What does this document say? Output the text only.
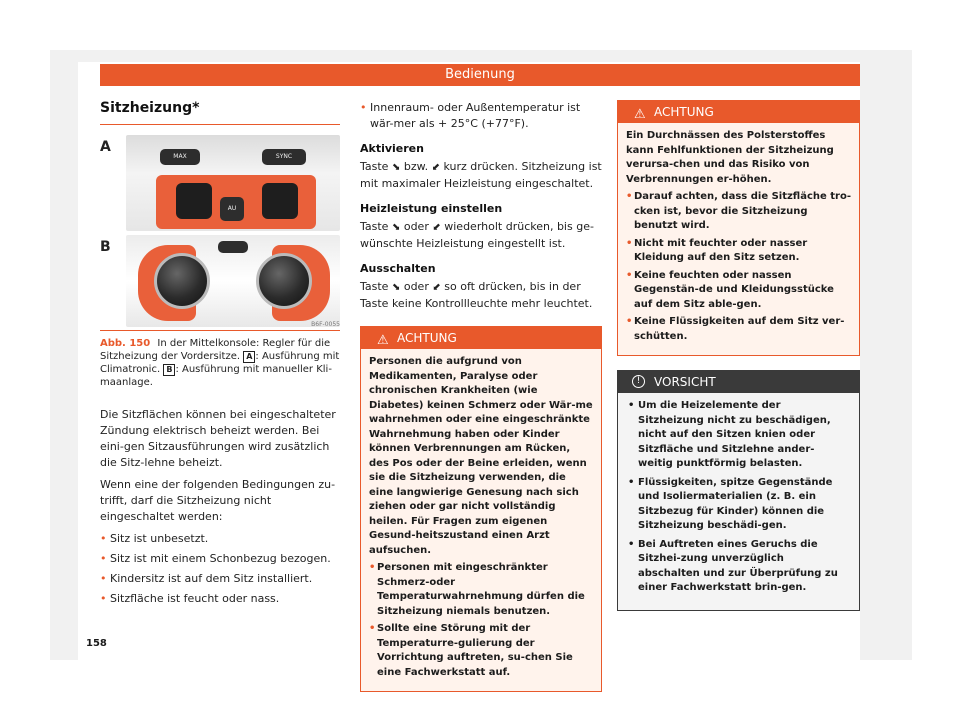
Bedienung
Sitzheizung*
A
MAX	SYNC
AU
B
B6F-0055
Abb. 150 In der Mittelkonsole: Regler für die Sitzheizung der Vordersitze. A : Ausführung mit Climatronic. B : Ausführung mit manueller Kli-maanlage.

Die Sitzflächen können bei eingeschalteter Zündung elektrisch beheizt werden. Bei eini-gen Sitzausführungen wird zusätzlich die Sitz-lehne beheizt.

Wenn eine der folgenden Bedingungen zu-trifft, darf die Sitzheizung nicht eingeschaltet werden:

• Sitz ist unbesetzt.
• Sitz ist mit einem Schonbezug bezogen.
• Kindersitz ist auf dem Sitz installiert.
• Sitzfläche ist feucht oder nass.
• Innenraum- oder Außentemperatur ist wär-mer als + 25°C (+77°F).
Aktivieren

Taste ⬊ bzw. ⬋ kurz drücken. Sitzheizung ist mit maximaler Heizleistung eingeschaltet.

Heizleistung einstellen

Taste ⬊ oder ⬋ wiederholt drücken, bis ge-wünschte Heizleistung eingestellt ist.

Ausschalten

Taste ⬊ oder ⬋ so oft drücken, bis in der Taste keine Kontrollleuchte mehr leuchtet.

⚠ ACHTUNG

Personen die aufgrund von Medikamenten, Paralyse oder chronischen Krankheiten (wie Diabetes) keinen Schmerz oder Wär-me wahrnehmen oder eine eingeschränkte Wahrnehmung haben oder Kinder können Verbrennungen am Rücken, des Pos oder der Beine erleiden, wenn sie die Sitzheizung verwenden, die eine langwierige Genesung nach sich ziehen oder gar nicht vollständig heilen. Für Fragen zum eigenen Gesund-heitszustand einen Arzt aufsuchen.

• Personen mit eingeschränkter Schmerz-oder Temperaturwahrnehmung dürfen die Sitzheizung niemals benutzen.
• Sollte eine Störung mit der Temperaturre-gulierung der Vorrichtung auftreten, su-chen Sie eine Fachwerkstatt auf.
⚠ ACHTUNG

Ein Durchnässen des Polsterstoffes kann Fehlfunktionen der Sitzheizung verursa-chen und das Risiko von Verbrennungen er-höhen.

• Darauf achten, dass die Sitzfläche tro-cken ist, bevor die Sitzheizung benutzt wird.
• Nicht mit feuchter oder nasser Kleidung auf den Sitz setzen.
• Keine feuchten oder nassen Gegenstän-de und Kleidungsstücke auf dem Sitz able-gen.
• Keine Flüssigkeiten auf dem Sitz ver-schütten.
!	VORSICHT
• Um die Heizelemente der Sitzheizung nicht zu beschädigen, nicht auf den Sitzen knien oder Sitzfläche und Sitzlehne ander-weitig punktförmig belasten.
• Flüssigkeiten, spitze Gegenstände und Isoliermaterialien (z. B. ein Sitzbezug für Kinder) können die Sitzheizung beschädi-gen.
• Bei Auftreten eines Geruchs die Sitzhei-zung unverzüglich abschalten und zur Überprüfung zu einer Fachwerkstatt brin-gen.
158
